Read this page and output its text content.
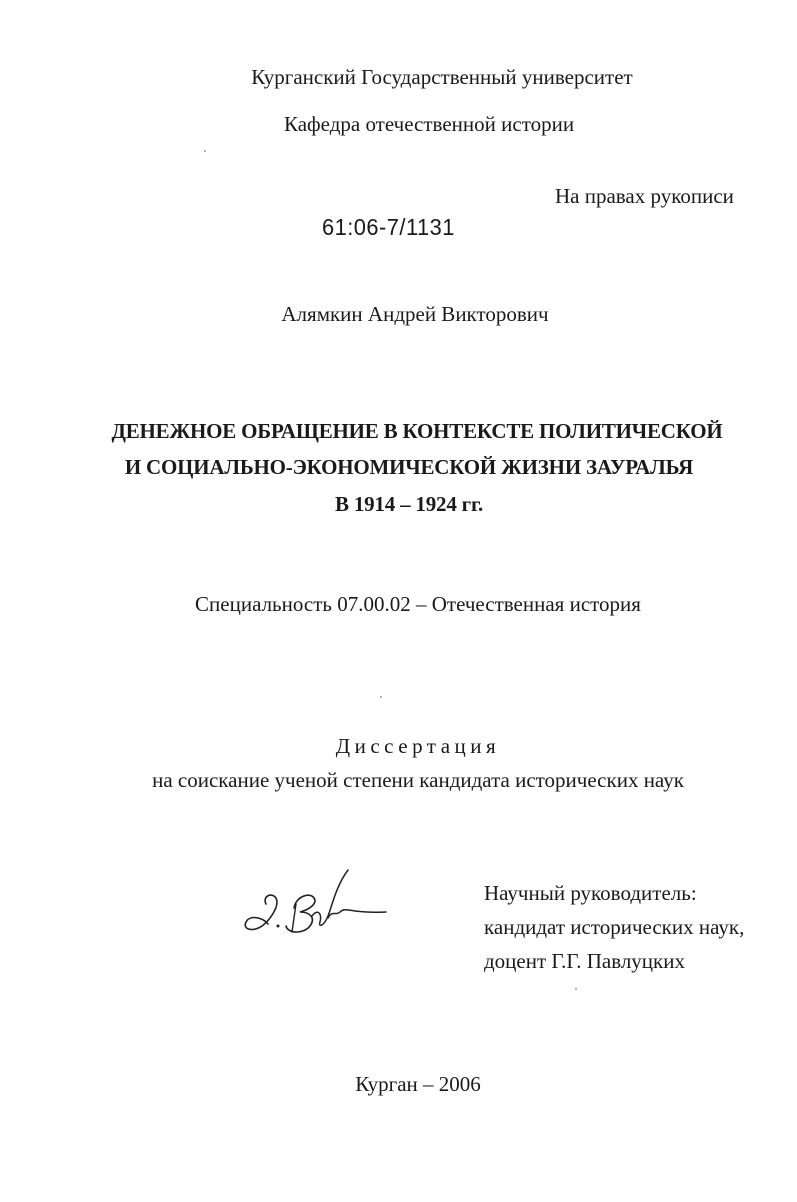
Курганский Государственный университет
Кафедра отечественной истории
На правах рукописи
61:06-7/1131
Алямкин Андрей Викторович
ДЕНЕЖНОЕ ОБРАЩЕНИЕ В КОНТЕКСТЕ ПОЛИТИЧЕСКОЙ
И СОЦИАЛЬНО-ЭКОНОМИЧЕСКОЙ ЖИЗНИ ЗАУРАЛЬЯ
В 1914 – 1924 гг.
Специальность 07.00.02 – Отечественная история
Диссертация
на соискание ученой степени кандидата исторических наук
Научный руководитель:
кандидат исторических наук,
доцент Г.Г. Павлуцких
Курган – 2006
